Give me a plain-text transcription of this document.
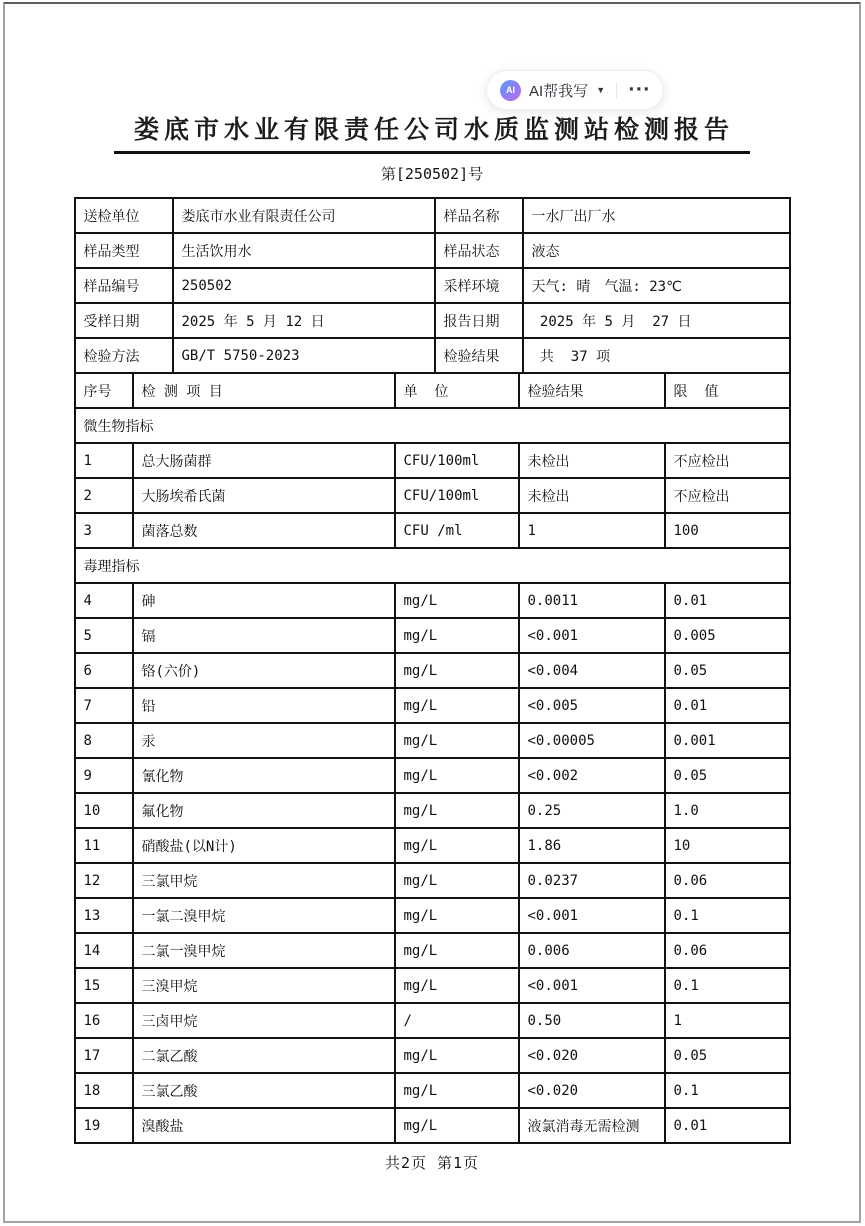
AI AI帮我写 ▼ ···
娄底市水业有限责任公司水质监测站检测报告
第[250502]号
送检单位	娄底市水业有限责任公司	样品名称	一水厂出厂水
样品类型	生活饮用水	样品状态	液态
样品编号	250502	采样环境	天气: 晴　气温: 23℃
受样日期	2025 年 5 月 12 日	报告日期	2025 年 5 月  27 日
检验方法	GB/T 5750-2023	检验结果	共  37 项
序号	检 测 项 目	单  位	检验结果	限  值
微生物指标				
1	总大肠菌群	CFU/100ml	未检出	不应检出
2	大肠埃希氏菌	CFU/100ml	未检出	不应检出
3	菌落总数	CFU /ml	1	100
毒理指标				
4	砷	mg/L	0.0011	0.01
5	镉	mg/L	<0.001	0.005
6	铬(六价)	mg/L	<0.004	0.05
7	铅	mg/L	<0.005	0.01
8	汞	mg/L	<0.00005	0.001
9	氰化物	mg/L	<0.002	0.05
10	氟化物	mg/L	0.25	1.0
11	硝酸盐(以N计)	mg/L	1.86	10
12	三氯甲烷	mg/L	0.0237	0.06
13	一氯二溴甲烷	mg/L	<0.001	0.1
14	二氯一溴甲烷	mg/L	0.006	0.06
15	三溴甲烷	mg/L	<0.001	0.1
16	三卤甲烷	/	0.50	1
17	二氯乙酸	mg/L	<0.020	0.05
18	三氯乙酸	mg/L	<0.020	0.1
19	溴酸盐	mg/L	液氯消毒无需检测	0.01
共2页 第1页
